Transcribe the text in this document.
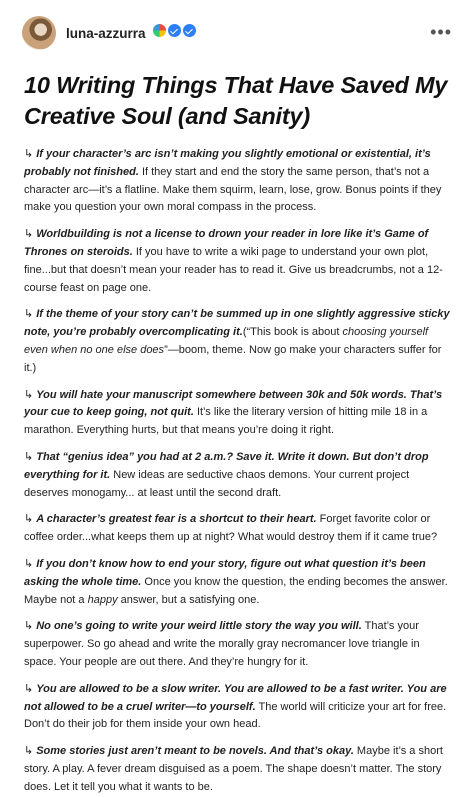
luna-azzurra	•••
10 Writing Things That Have Saved My Creative Soul (and Sanity)

↳ If your character’s arc isn’t making you slightly emotional or existential, it’s probably not finished. If they start and end the story the same person, that’s not a character arc—it’s a flatline. Make them squirm, learn, lose, grow. Bonus points if they make you question your own moral compass in the process.

↳ Worldbuilding is not a license to drown your reader in lore like it’s Game of Thrones on steroids. If you have to write a wiki page to understand your own plot, fine...but that doesn’t mean your reader has to read it. Give us breadcrumbs, not a 12-course feast on page one.

↳ If the theme of your story can’t be summed up in one slightly aggressive sticky note, you’re probably overcomplicating it.(“This book is about choosing yourself even when no one else does”—boom, theme. Now go make your characters suffer for it.)

↳ You will hate your manuscript somewhere between 30k and 50k words. That’s your cue to keep going, not quit. It’s like the literary version of hitting mile 18 in a marathon. Everything hurts, but that means you’re doing it right.

↳ That “genius idea” you had at 2 a.m.? Save it. Write it down. But don’t drop everything for it. New ideas are seductive chaos demons. Your current project deserves monogamy... at least until the second draft.

↳ A character’s greatest fear is a shortcut to their heart. Forget favorite color or coffee order...what keeps them up at night? What would destroy them if it came true?

↳ If you don’t know how to end your story, figure out what question it’s been asking the whole time. Once you know the question, the ending becomes the answer. Maybe not a happy answer, but a satisfying one.

↳ No one’s going to write your weird little story the way you will. That’s your superpower. So go ahead and write the morally gray necromancer love triangle in space. Your people are out there. And they’re hungry for it.

↳ You are allowed to be a slow writer. You are allowed to be a fast writer. You are not allowed to be a cruel writer—to yourself. The world will criticize your art for free. Don’t do their job for them inside your own head.

↳ Some stories just aren’t meant to be novels. And that’s okay. Maybe it’s a short story. A play. A fever dream disguised as a poem. The shape doesn’t matter. The story does. Let it tell you what it wants to be.
